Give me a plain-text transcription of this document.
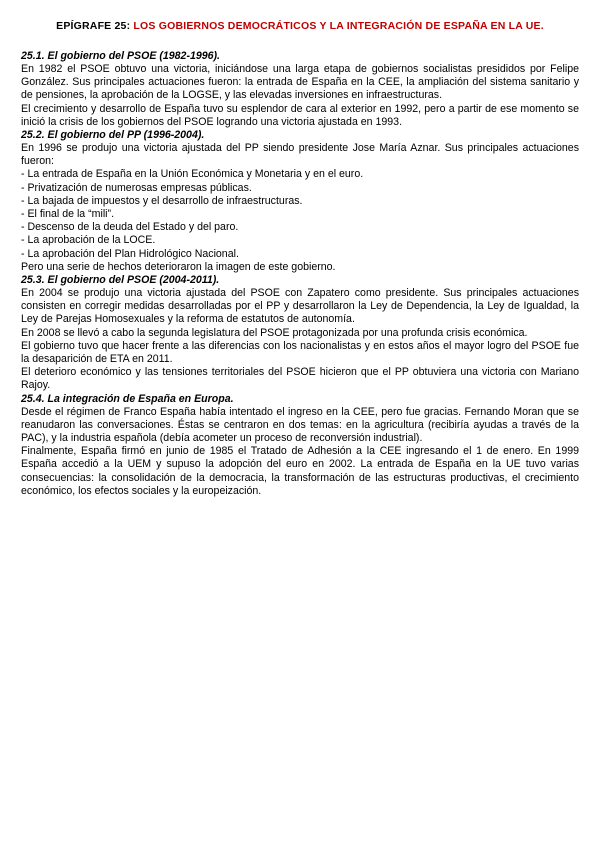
EPÍGRAFE 25: LOS GOBIERNOS DEMOCRÁTICOS Y LA INTEGRACIÓN DE ESPAÑA EN LA UE.
25.1. El gobierno del PSOE (1982-1996).

En 1982 el PSOE obtuvo una victoria, iniciándose una larga etapa de gobiernos socialistas presididos por Felipe González. Sus principales actuaciones fueron: la entrada de España en la CEE, la ampliación del sistema sanitario y de pensiones, la aprobación de la LOGSE, y las elevadas inversiones en infraestructuras.

El crecimiento y desarrollo de España tuvo su esplendor de cara al exterior en 1992, pero a partir de ese momento se inició la crisis de los gobiernos del PSOE logrando una victoria ajustada en 1993.

25.2. El gobierno del PP (1996-2004).

En 1996 se produjo una victoria ajustada del PP siendo presidente Jose María Aznar. Sus principales actuaciones fueron:

- La entrada de España en la Unión Económica y Monetaria y en el euro.
- Privatización de numerosas empresas públicas.
- La bajada de impuestos y el desarrollo de infraestructuras.
- El final de la “mili”.
- Descenso de la deuda del Estado y del paro.
- La aprobación de la LOCE.
- La aprobación del Plan Hidrológico Nacional.

Pero una serie de hechos deterioraron la imagen de este gobierno.

25.3. El gobierno del PSOE (2004-2011).

En 2004 se produjo una victoria ajustada del PSOE con Zapatero como presidente. Sus principales actuaciones consisten en corregir medidas desarrolladas por el PP y desarrollaron la Ley de Dependencia, la Ley de Igualdad, la Ley de Parejas Homosexuales y la reforma de estatutos de autonomía.

En 2008 se llevó a cabo la segunda legislatura del PSOE protagonizada por una profunda crisis económica.

El gobierno tuvo que hacer frente a las diferencias con los nacionalistas y en estos años el mayor logro del PSOE fue la desaparición de ETA en 2011.

El deterioro económico y las tensiones territoriales del PSOE hicieron que el PP obtuviera una victoria con Mariano Rajoy.

25.4. La integración de España en Europa.

Desde el régimen de Franco España había intentado el ingreso en la CEE, pero fue gracias. Fernando Moran que se reanudaron las conversaciones. Éstas se centraron en dos temas: en la agricultura (recibiría ayudas a través de la PAC), y la industria española (debía acometer un proceso de reconversión industrial).

Finalmente, España firmó en junio de 1985 el Tratado de Adhesión a la CEE ingresando el 1 de enero. En 1999 España accedió a la UEM y supuso la adopción del euro en 2002. La entrada de España en la UE tuvo varias consecuencias: la consolidación de la democracia, la transformación de las estructuras productivas, el crecimiento económico, los efectos sociales y la europeización.
